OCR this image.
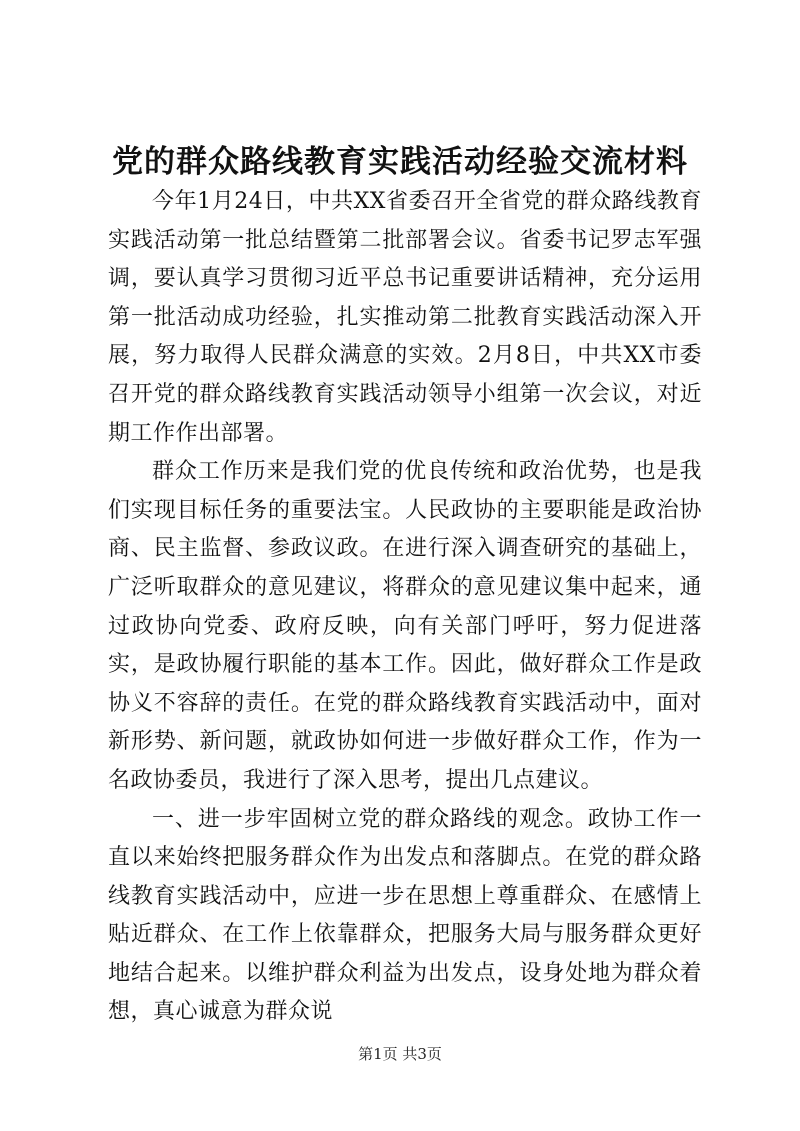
党的群众路线教育实践活动经验交流材料

今年1月24日，中共XX省委召开全省党的群众路线教育实践活动第一批总结暨第二批部署会议。省委书记罗志军强调，要认真学习贯彻习近平总书记重要讲话精神，充分运用第一批活动成功经验，扎实推动第二批教育实践活动深入开展，努力取得人民群众满意的实效。2月8日，中共XX市委召开党的群众路线教育实践活动领导小组第一次会议，对近期工作作出部署。

群众工作历来是我们党的优良传统和政治优势，也是我们实现目标任务的重要法宝。人民政协的主要职能是政治协商、民主监督、参政议政。在进行深入调查研究的基础上，广泛听取群众的意见建议，将群众的意见建议集中起来，通过政协向党委、政府反映，向有关部门呼吁，努力促进落实，是政协履行职能的基本工作。因此，做好群众工作是政协义不容辞的责任。在党的群众路线教育实践活动中，面对新形势、新问题，就政协如何进一步做好群众工作，作为一名政协委员，我进行了深入思考，提出几点建议。

一、进一步牢固树立党的群众路线的观念。政协工作一直以来始终把服务群众作为出发点和落脚点。在党的群众路线教育实践活动中，应进一步在思想上尊重群众、在感情上贴近群众、在工作上依靠群众，把服务大局与服务群众更好地结合起来。以维护群众利益为出发点，设身处地为群众着想，真心诚意为群众说

第1页 共3页
